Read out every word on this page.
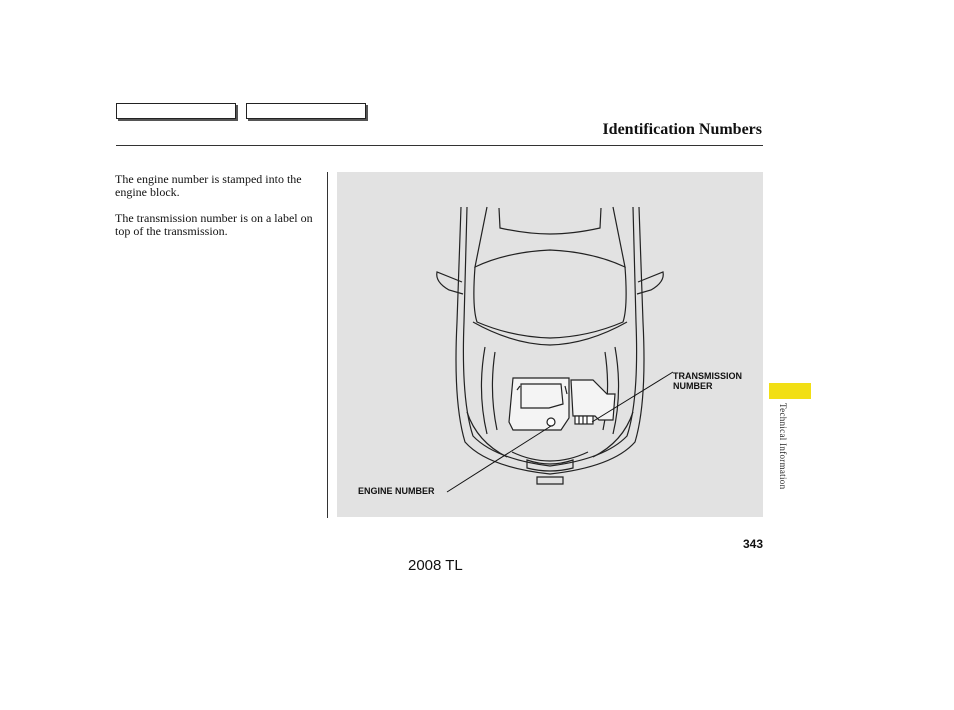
Identification Numbers
The engine number is stamped into the engine block.
The transmission number is on a label on top of the transmission.
TRANSMISSION
NUMBER
ENGINE NUMBER
Technical Information
343
2008 TL
